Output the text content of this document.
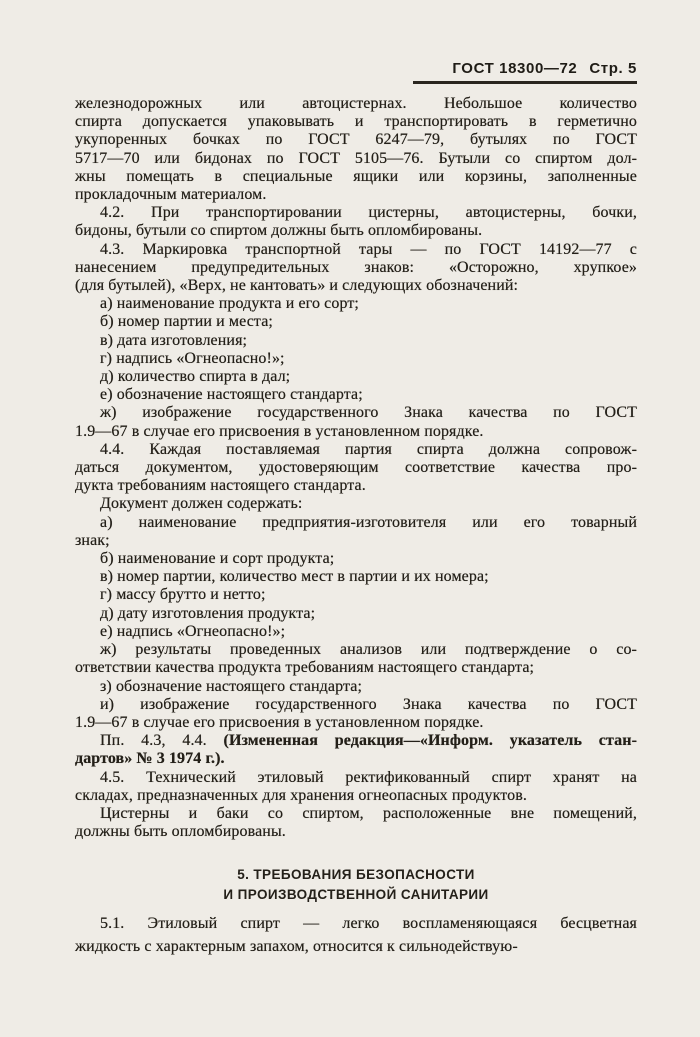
ГОСТ 18300—72 Стр. 5
железнодорожных или автоцистернах. Небольшое количество
спирта допускается упаковывать и транспортировать в герметично
укупоренных бочках по ГОСТ 6247—79, бутылях по ГОСТ
5717—70 или бидонах по ГОСТ 5105—76. Бутыли со спиртом дол-
жны помещать в специальные ящики или корзины, заполненные
прокладочным материалом.
4.2. При транспортировании цистерны, автоцистерны, бочки,
бидоны, бутыли со спиртом должны быть опломбированы.
4.3. Маркировка транспортной тары — по ГОСТ 14192—77 с
нанесением предупредительных знаков: «Осторожно, хрупкое»
(для бутылей), «Верх, не кантовать» и следующих обозначений:
а) наименование продукта и его сорт;
б) номер партии и места;
в) дата изготовления;
г) надпись «Огнеопасно!»;
д) количество спирта в дал;
е) обозначение настоящего стандарта;
ж) изображение государственного Знака качества по ГОСТ
1.9—67 в случае его присвоения в установленном порядке.
4.4. Каждая поставляемая партия спирта должна сопровож-
даться документом, удостоверяющим соответствие качества про-
дукта требованиям настоящего стандарта.
Документ должен содержать:
а) наименование предприятия-изготовителя или его товарный
знак;
б) наименование и сорт продукта;
в) номер партии, количество мест в партии и их номера;
г) массу брутто и нетто;
д) дату изготовления продукта;
е) надпись «Огнеопасно!»;
ж) результаты проведенных анализов или подтверждение о со-
ответствии качества продукта требованиям настоящего стандарта;
з) обозначение настоящего стандарта;
и) изображение государственного Знака качества по ГОСТ
1.9—67 в случае его присвоения в установленном порядке.
Пп. 4.3, 4.4. (Измененная редакция—«Информ. указатель стан-
дартов» № 3 1974 г.).
4.5. Технический этиловый ректификованный спирт хранят на
складах, предназначенных для хранения огнеопасных продуктов.
Цистерны и баки со спиртом, расположенные вне помещений,
должны быть опломбированы.
5. ТРЕБОВАНИЯ БЕЗОПАСНОСТИ
И ПРОИЗВОДСТВЕННОЙ САНИТАРИИ
5.1. Этиловый спирт — легко воспламеняющаяся бесцветная
жидкость с характерным запахом, относится к сильнодействую-
